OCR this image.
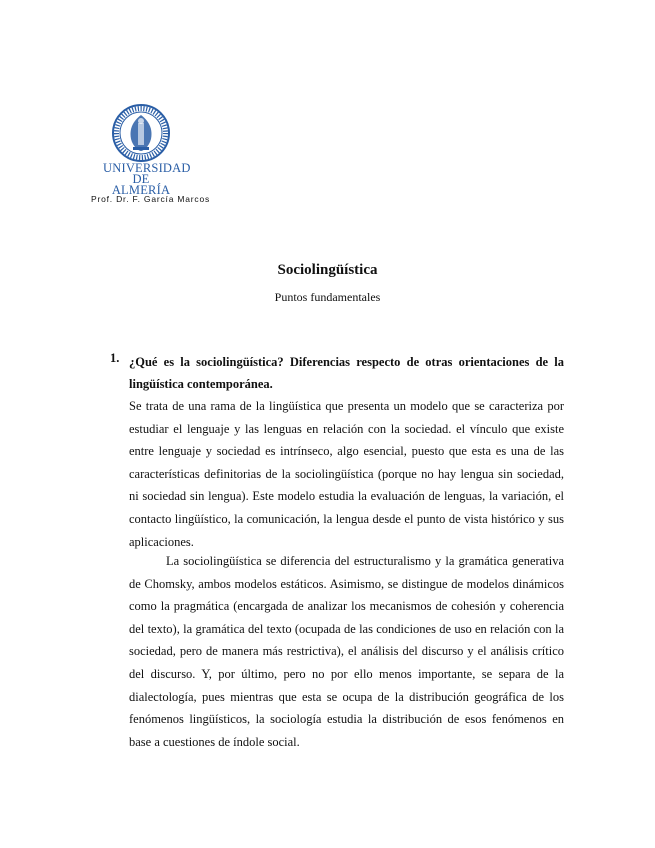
UNIVERSIDAD
DE ALMERÍA
Prof. Dr. F. García Marcos
Sociolingüística
Puntos fundamentales
1. ¿Qué es la sociolingüística? Diferencias respecto de otras orientaciones de la lingüística contemporánea.

Se trata de una rama de la lingüística que presenta un modelo que se caracteriza por estudiar el lenguaje y las lenguas en relación con la sociedad. el vínculo que existe entre lenguaje y sociedad es intrínseco, algo esencial, puesto que esta es una de las características definitorias de la sociolingüística (porque no hay lengua sin sociedad, ni sociedad sin lengua). Este modelo estudia la evaluación de lenguas, la variación, el contacto lingüístico, la comunicación, la lengua desde el punto de vista histórico y sus aplicaciones.

La sociolingüística se diferencia del estructuralismo y la gramática generativa de Chomsky, ambos modelos estáticos. Asimismo, se distingue de modelos dinámicos como la pragmática (encargada de analizar los mecanismos de cohesión y coherencia del texto), la gramática del texto (ocupada de las condiciones de uso en relación con la sociedad, pero de manera más restrictiva), el análisis del discurso y el análisis crítico del discurso. Y, por último, pero no por ello menos importante, se separa de la dialectología, pues mientras que esta se ocupa de la distribución geográfica de los fenómenos lingüísticos, la sociología estudia la distribución de esos fenómenos en base a cuestiones de índole social.
